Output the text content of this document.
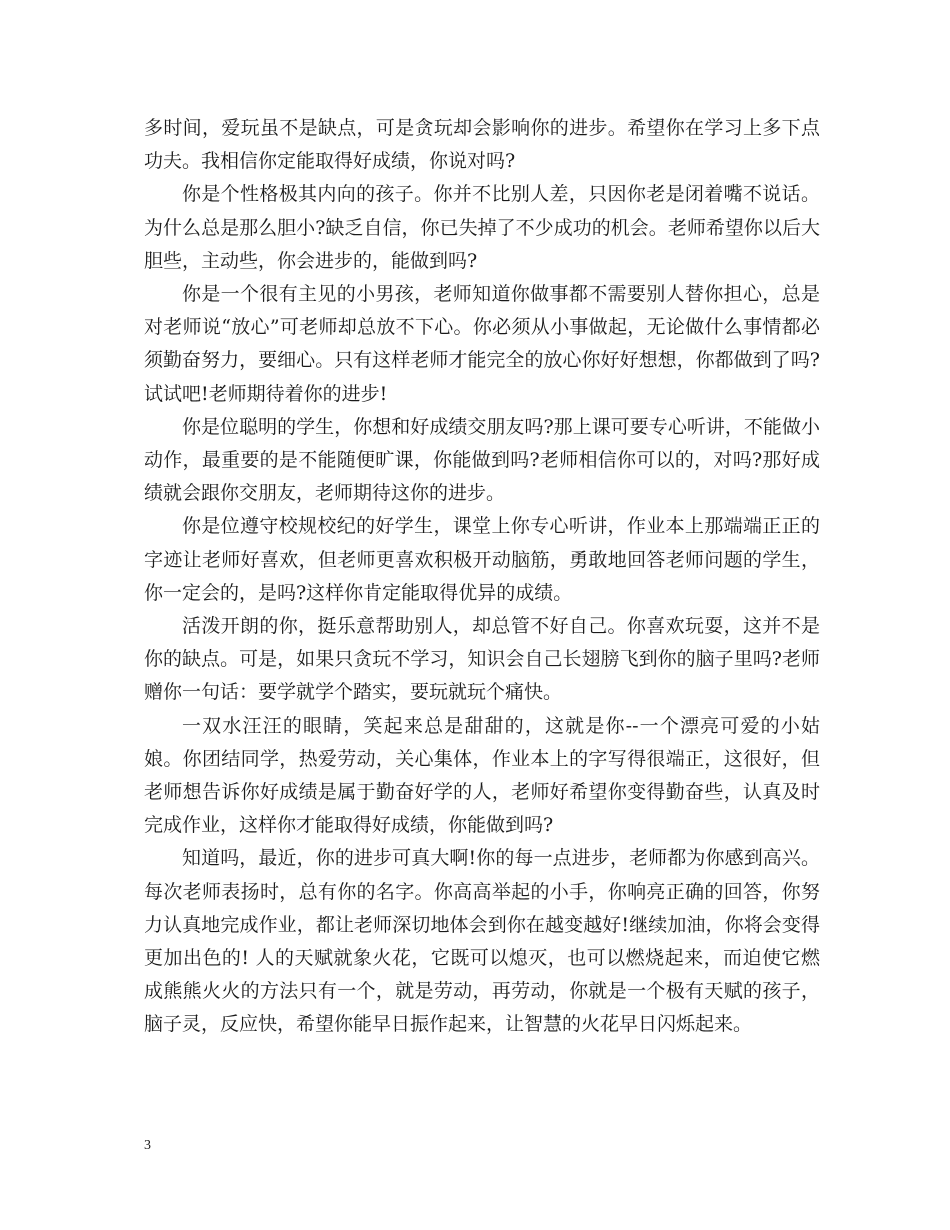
多时间，爱玩虽不是缺点，可是贪玩却会影响你的进步。希望你在学习上多下点功夫。我相信你定能取得好成绩，你说对吗?

你是个性格极其内向的孩子。你并不比别人差，只因你老是闭着嘴不说话。为什么总是那么胆小?缺乏自信，你已失掉了不少成功的机会。老师希望你以后大胆些，主动些，你会进步的，能做到吗?

你是一个很有主见的小男孩，老师知道你做事都不需要别人替你担心，总是对老师说“放心”可老师却总放不下心。你必须从小事做起，无论做什么事情都必须勤奋努力，要细心。只有这样老师才能完全的放心你好好想想，你都做到了吗?试试吧!老师期待着你的进步!

你是位聪明的学生，你想和好成绩交朋友吗?那上课可要专心听讲，不能做小动作，最重要的是不能随便旷课，你能做到吗?老师相信你可以的，对吗?那好成绩就会跟你交朋友，老师期待这你的进步。

你是位遵守校规校纪的好学生，课堂上你专心听讲，作业本上那端端正正的字迹让老师好喜欢，但老师更喜欢积极开动脑筋，勇敢地回答老师问题的学生，你一定会的，是吗?这样你肯定能取得优异的成绩。

活泼开朗的你，挺乐意帮助别人，却总管不好自己。你喜欢玩耍，这并不是你的缺点。可是，如果只贪玩不学习，知识会自己长翅膀飞到你的脑子里吗?老师赠你一句话：要学就学个踏实，要玩就玩个痛快。

一双水汪汪的眼睛，笑起来总是甜甜的，这就是你--一个漂亮可爱的小姑娘。你团结同学，热爱劳动，关心集体，作业本上的字写得很端正，这很好，但老师想告诉你好成绩是属于勤奋好学的人，老师好希望你变得勤奋些，认真及时完成作业，这样你才能取得好成绩，你能做到吗?

知道吗，最近，你的进步可真大啊!你的每一点进步，老师都为你感到高兴。每次老师表扬时，总有你的名字。你高高举起的小手，你响亮正确的回答，你努力认真地完成作业，都让老师深切地体会到你在越变越好!继续加油，你将会变得更加出色的! 人的天赋就象火花，它既可以熄灭，也可以燃烧起来，而迫使它燃成熊熊火火的方法只有一个，就是劳动，再劳动，你就是一个极有天赋的孩子，脑子灵，反应快，希望你能早日振作起来，让智慧的火花早日闪烁起来。

3
